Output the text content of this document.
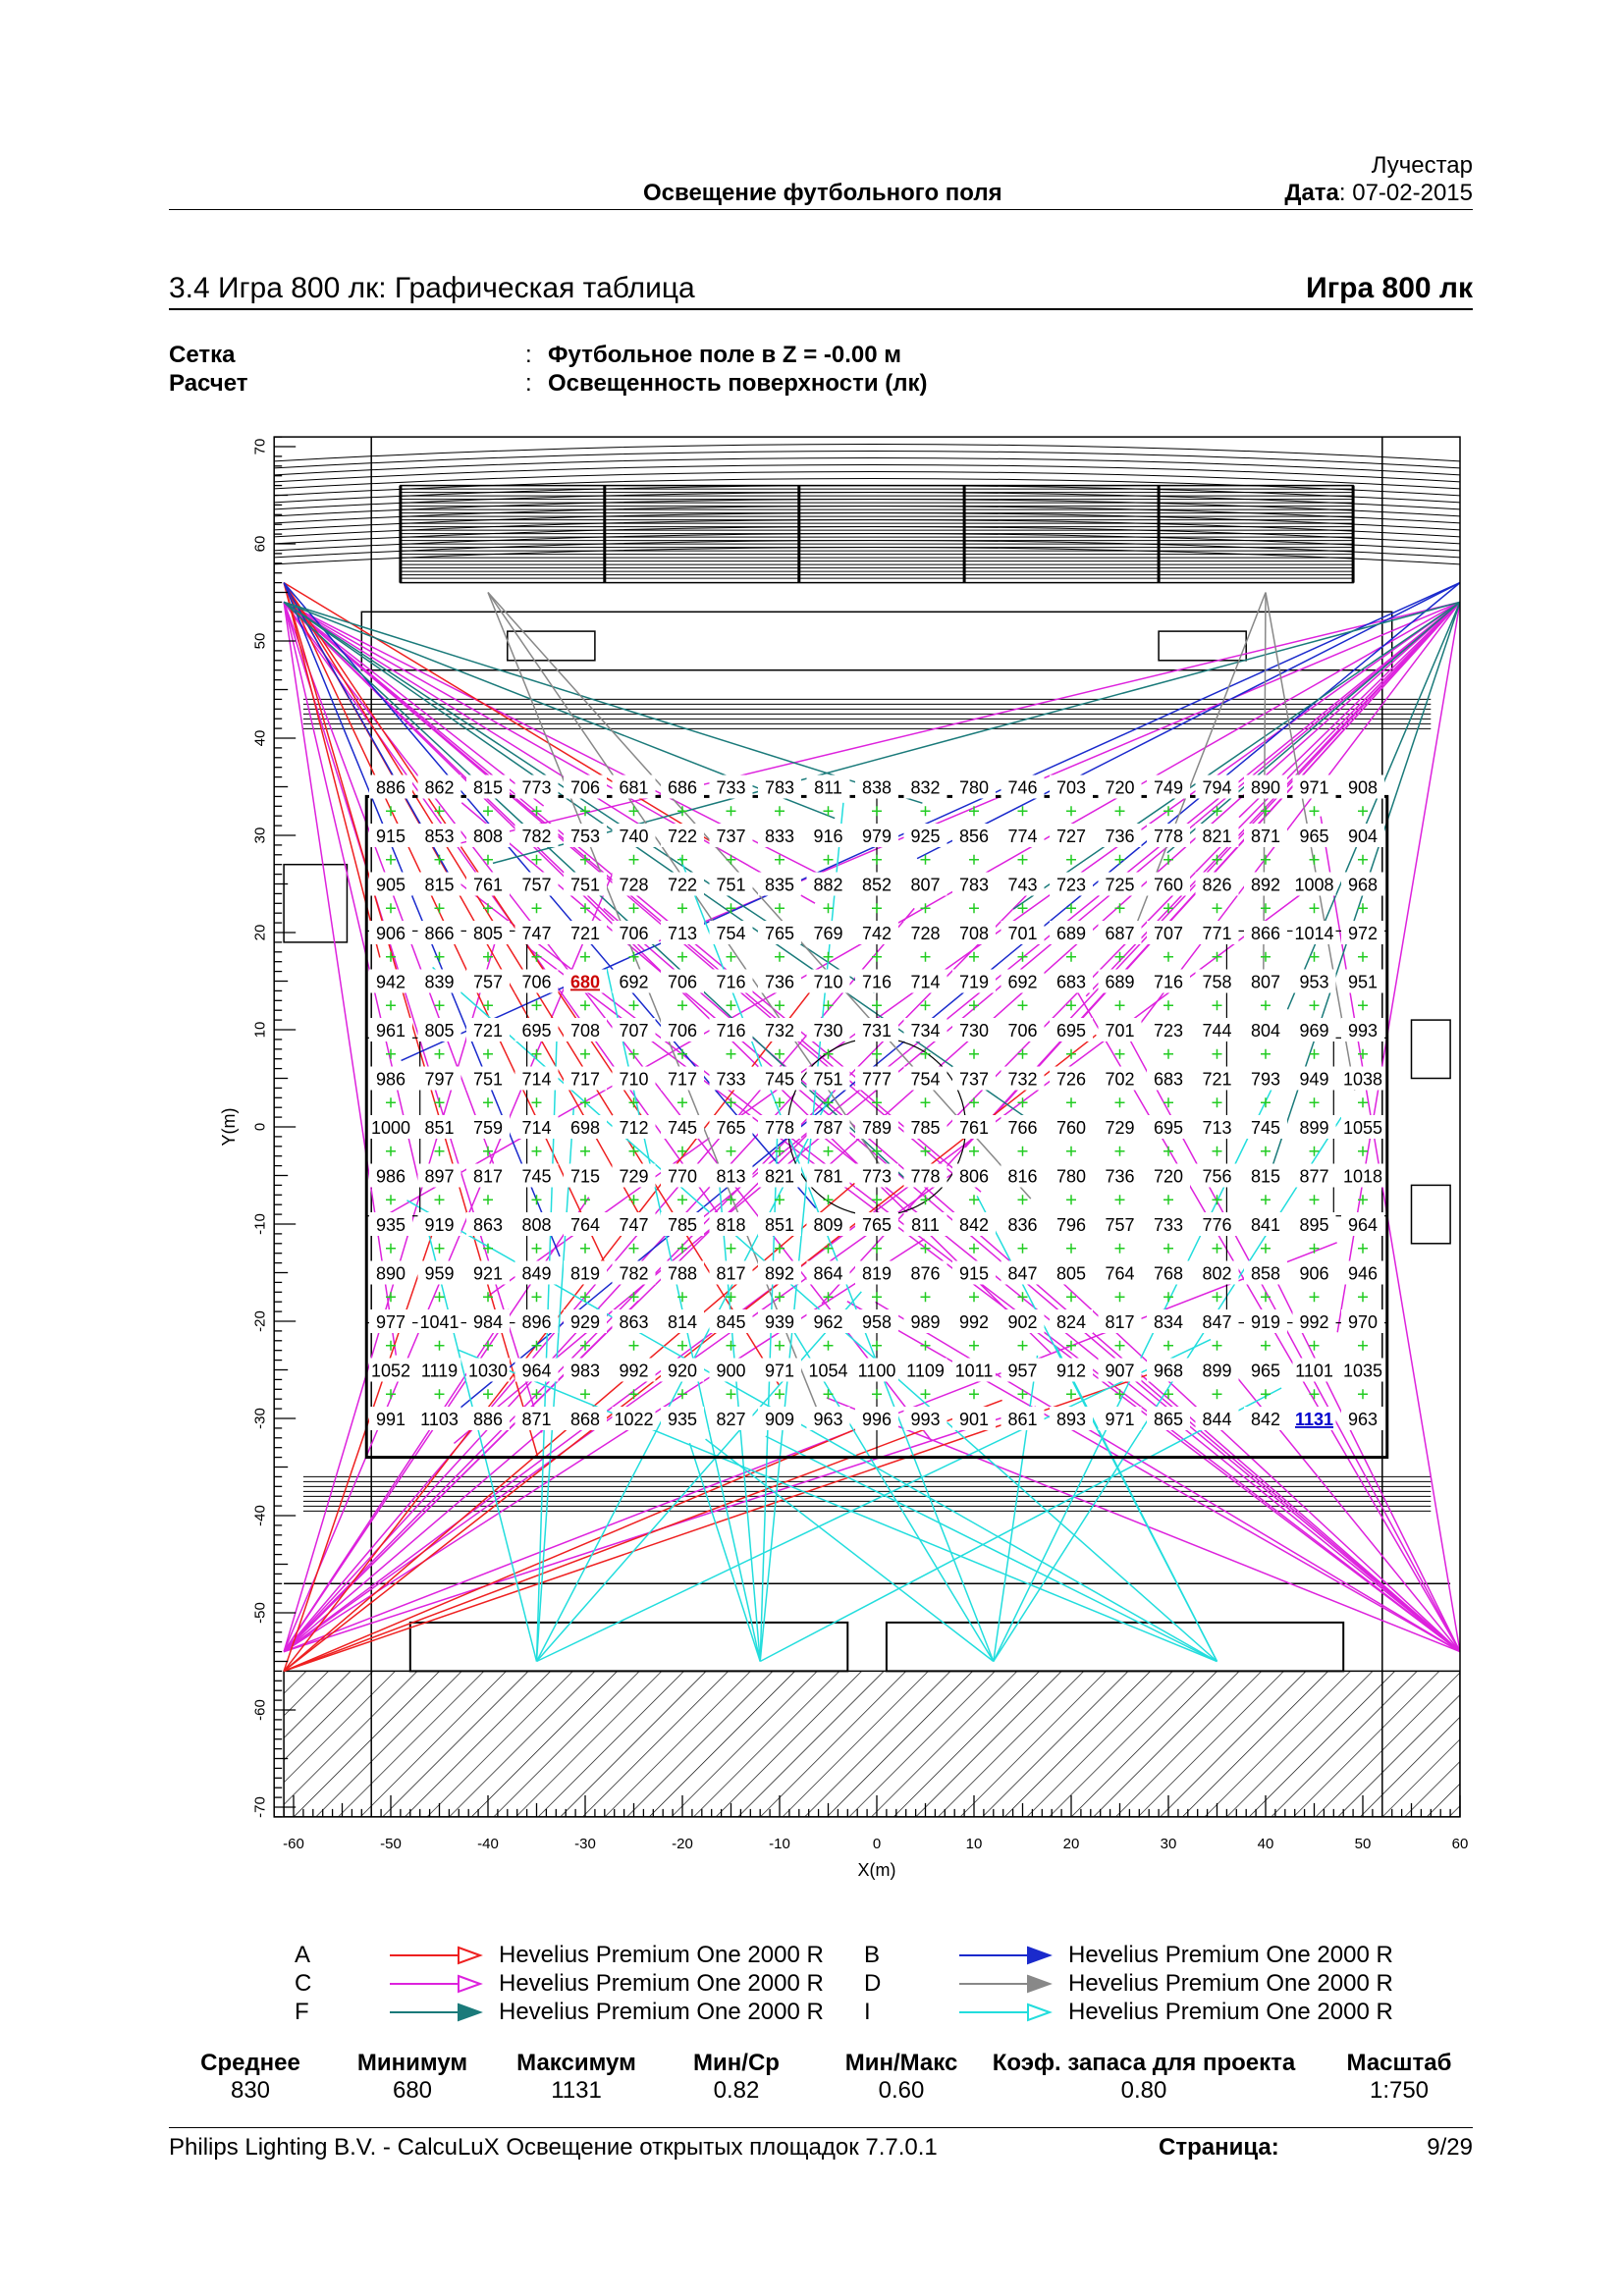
Лучестар
Освещение футбольного поля	Дата: 07-02-2015
3.4 Игра 800 лк: Графическая таблица	Игра 800 лк
Сетка	: Футбольное поле в Z = -0.00 м
Расчет	: Освещенность поверхности (лк)
-70
-60
-50
-40
-30
-20
-10
0
10
20
30
40
50
60
70
-60	-50	-40	-30	-20	-10	0	10	20	30	40	50	60
X(m)
Y(m)
886 862 815 773 706 681 686 733 783 811 838 832 780 746 703 720 749 794 890 971 908
915 853 808 782 753 740 722 737 833 916 979 925 856 774 727 736 778 821 871 965 904
905 815 761 757 751 728 722 751 835 882 852 807 783 743 723 725 760 826 892 1008 968
906 866 805 747 721 706 713 754 765 769 742 728 708 701 689 687 707 771 866 1014 972
942 839 757 706 680 692 706 716 736 710 716 714 719 692 683 689 716 758 807 953 951
961 805 721 695 708 707 706 716 732 730 731 734 730 706 695 701 723 744 804 969 993
986 797 751 714 717 710 717 733 745 751 777 754 737 732 726 702 683 721 793 949 1038
1000 851 759 714 698 712 745 765 778 787 789 785 761 766 760 729 695 713 745 899 1055
986 897 817 745 715 729 770 813 821 781 773 778 806 816 780 736 720 756 815 877 1018
935 919 863 808 764 747 785 818 851 809 765 811 842 836 796 757 733 776 841 895 964
890 959 921 849 819 782 788 817 892 864 819 876 915 847 805 764 768 802 858 906 946
977 1041 984 896 929 863 814 845 939 962 958 989 992 902 824 817 834 847 919 992 970
1052 1119 1030 964 983 992 920 900 971 1054 1100 1109 1011 957 912 907 968 899 965 1101 1035
991 1103 886 871 868 1022 935 827 909 963 996 993 901 861 893 971 865 844 842 1131 963
A	Hevelius Premium One 2000 R B	Hevelius Premium One 2000 R
C	Hevelius Premium One 2000 R D	Hevelius Premium One 2000 R
F	Hevelius Premium One 2000 R I	Hevelius Premium One 2000 R
Среднее
830
Минимум
680
Максимум
1131
Мин/Ср
0.82
Мин/Макс
0.60
Коэф. запаса для проекта
0.80
Масштаб
1:750
Philips Lighting B.V. - CalcuLuX Освещение открытых площадок 7.7.0.1	Страница:	9/29
